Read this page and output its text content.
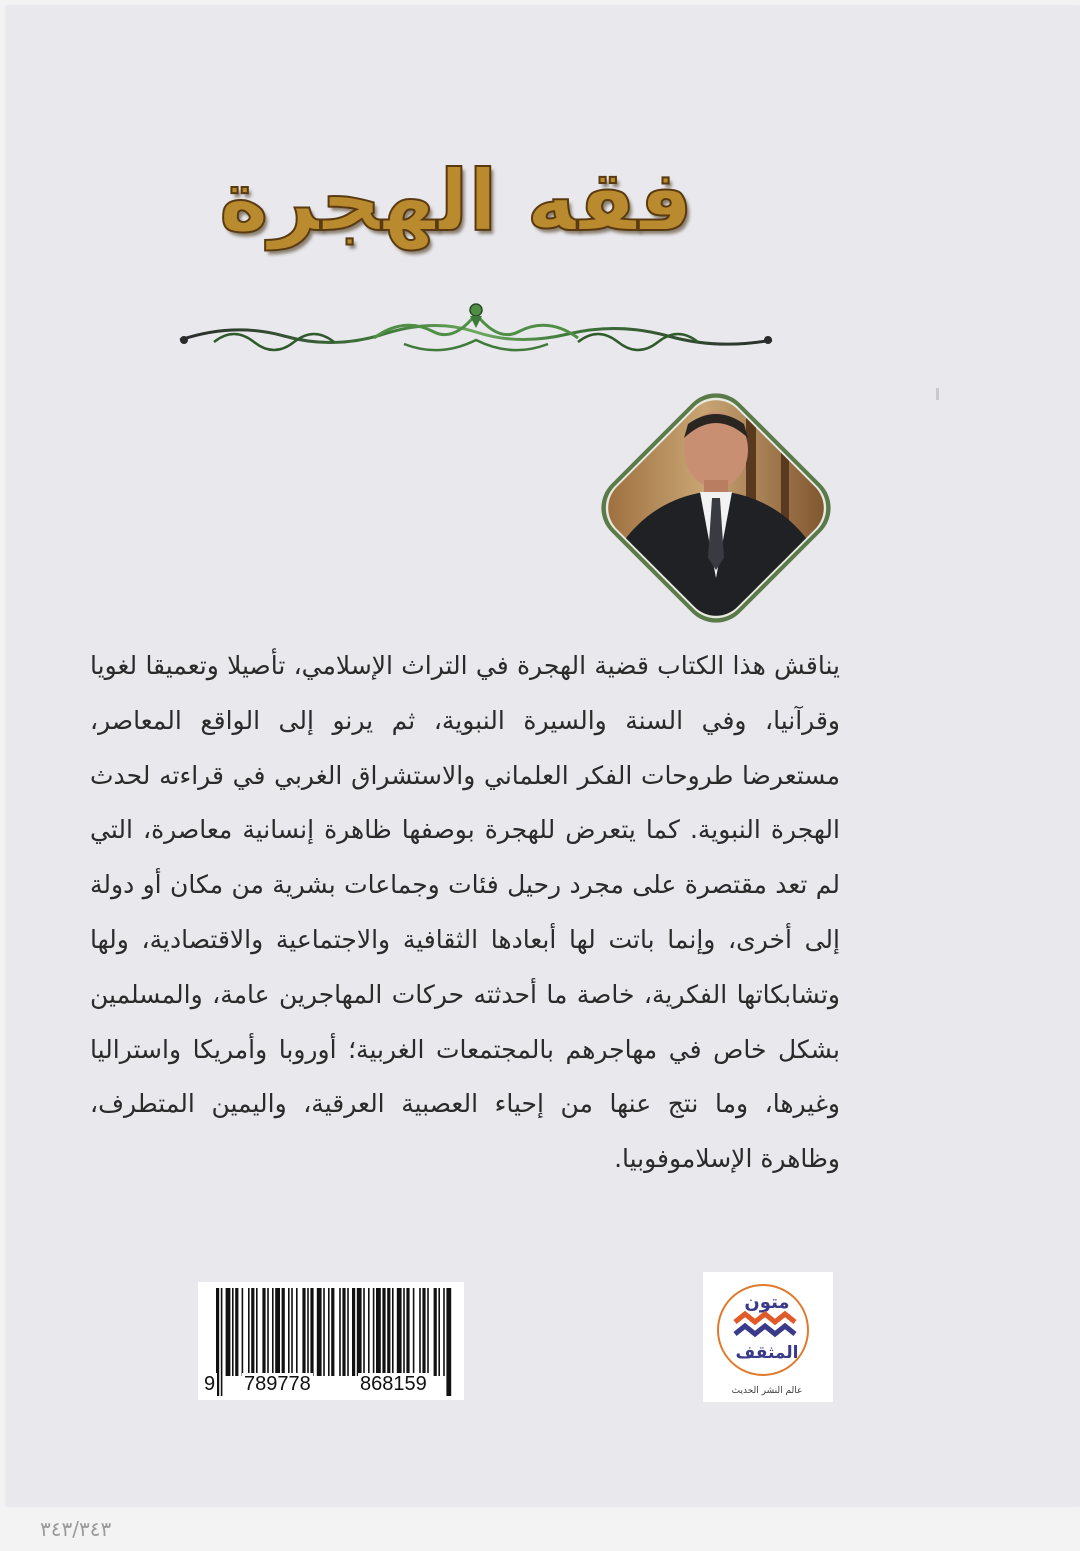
فقه الهجرة

يناقش هذا الكتاب قضية الهجرة في التراث الإسلامي، تأصيلا وتعميقا لغويا وقرآنيا، وفي السنة والسيرة النبوية، ثم يرنو إلى الواقع المعاصر، مستعرضا طروحات الفكر العلماني والاستشراق الغربي في قراءته لحدث الهجرة النبوية. كما يتعرض للهجرة بوصفها ظاهرة إنسانية معاصرة، التي لم تعد مقتصرة على مجرد رحيل فئات وجماعات بشرية من مكان أو دولة إلى أخرى، وإنما باتت لها أبعادها الثقافية والاجتماعية والاقتصادية، ولها وتشابكاتها الفكرية، خاصة ما أحدثته حركات المهاجرين عامة، والمسلمين بشكل خاص في مهاجرهم بالمجتمعات الغربية؛ أوروبا وأمريكا واستراليا وغيرها، وما نتج عنها من إحياء العصبية العرقية، واليمين المتطرف، وظاهرة الإسلاموفوبيا.

9 789778 868159
متون
المثقف
عالم النشر الحديث
٣٤٣/٣٤٣
